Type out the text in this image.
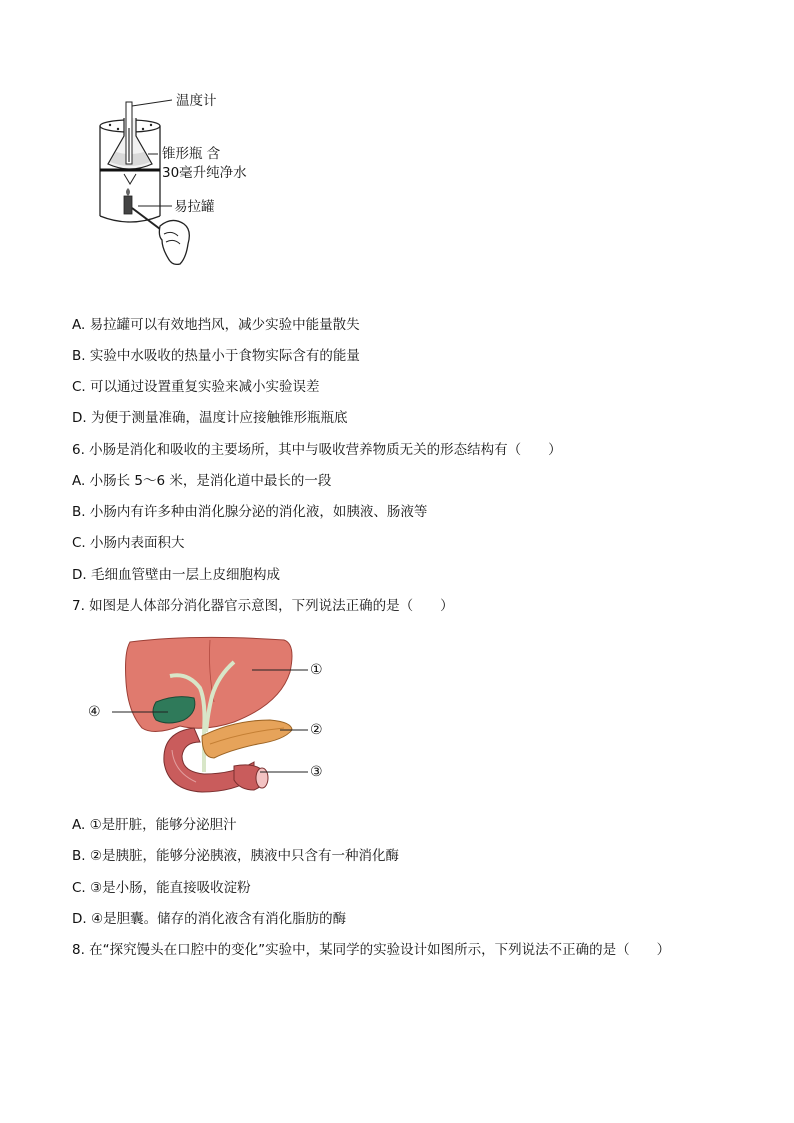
温度计
锥形瓶 含
30毫升纯净水
易拉罐
A. 易拉罐可以有效地挡风，减少实验中能量散失
B. 实验中水吸收的热量小于食物实际含有的能量
C. 可以通过设置重复实验来减小实验误差
D. 为便于测量准确，温度计应接触锥形瓶瓶底
6. 小肠是消化和吸收的主要场所，其中与吸收营养物质无关的形态结构有（　　）
A. 小肠长 5～6 米，是消化道中最长的一段
B. 小肠内有许多种由消化腺分泌的消化液，如胰液、肠液等
C. 小肠内表面积大
D. 毛细血管壁由一层上皮细胞构成
7. 如图是人体部分消化器官示意图，下列说法正确的是（　　）
①
④
②
③
A. ①是肝脏，能够分泌胆汁
B. ②是胰脏，能够分泌胰液，胰液中只含有一种消化酶
C. ③是小肠，能直接吸收淀粉
D. ④是胆囊。储存的消化液含有消化脂肪的酶
8. 在“探究馒头在口腔中的变化”实验中，某同学的实验设计如图所示，下列说法不正确的是（　　）
